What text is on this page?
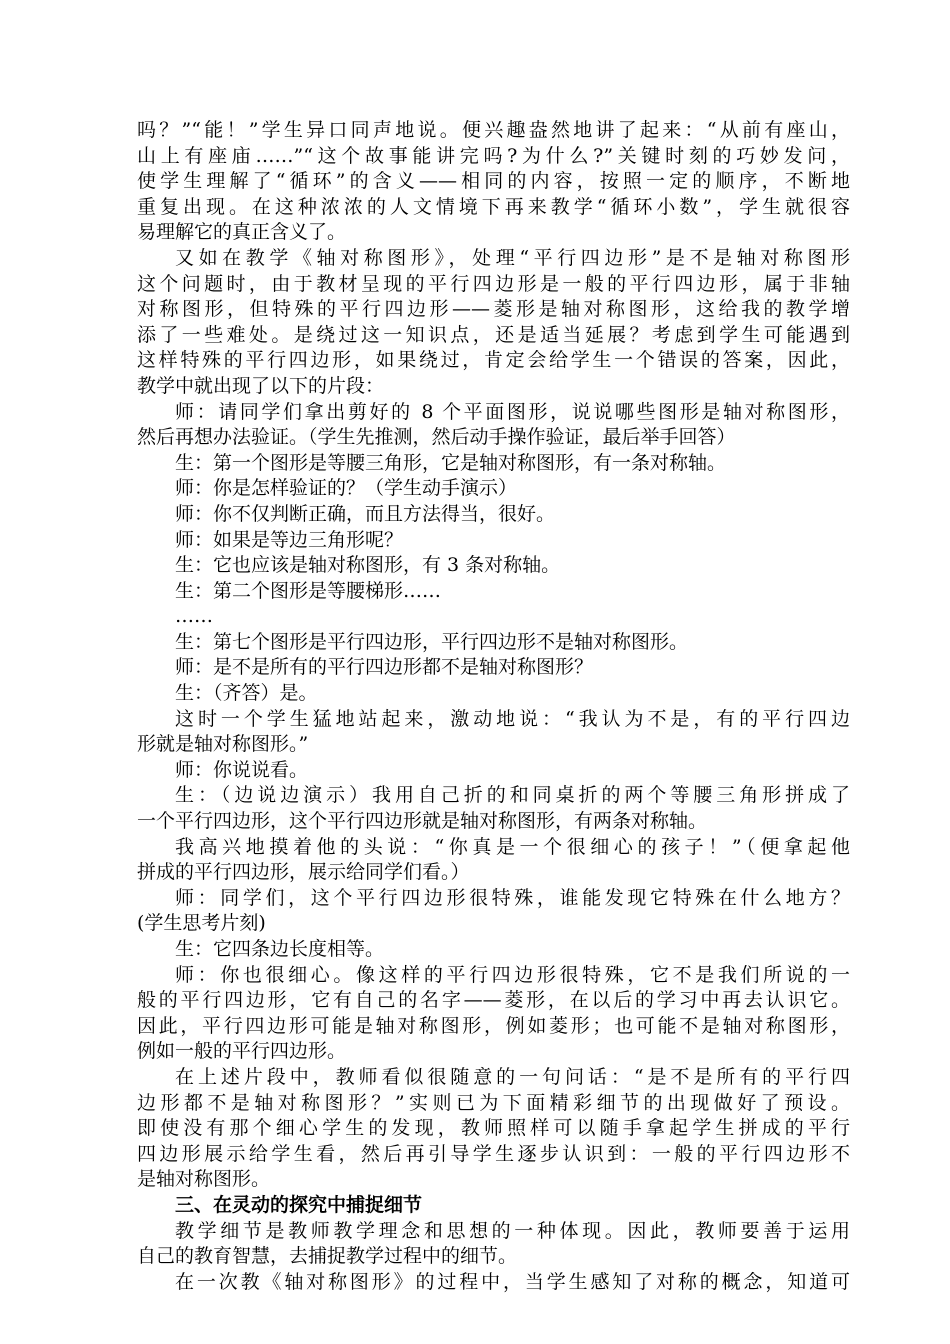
吗？”“能！”学生异口同声地说。便兴趣盎然地讲了起来：“从前有座山，
山上有座庙……”“这个故事能讲完吗?为什么?”关键时刻的巧妙发问，
使学生理解了“循环”的含义——相同的内容，按照一定的顺序，不断地
重复出现。在这种浓浓的人文情境下再来教学“循环小数”，学生就很容
易理解它的真正含义了。
又如在教学《轴对称图形》，处理“平行四边形”是不是轴对称图形
这个问题时，由于教材呈现的平行四边形是一般的平行四边形，属于非轴
对称图形，但特殊的平行四边形——菱形是轴对称图形，这给我的教学增
添了一些难处。是绕过这一知识点，还是适当延展？考虑到学生可能遇到
这样特殊的平行四边形，如果绕过，肯定会给学生一个错误的答案，因此，
教学中就出现了以下的片段：
师：请同学们拿出剪好的 8 个平面图形，说说哪些图形是轴对称图形，
然后再想办法验证。（学生先推测，然后动手操作验证，最后举手回答）
生：第一个图形是等腰三角形，它是轴对称图形，有一条对称轴。
师：你是怎样验证的？（学生动手演示）
师：你不仅判断正确，而且方法得当，很好。
师：如果是等边三角形呢？
生：它也应该是轴对称图形，有 3 条对称轴。
生：第二个图形是等腰梯形……
……
生：第七个图形是平行四边形，平行四边形不是轴对称图形。
师：是不是所有的平行四边形都不是轴对称图形？
生：（齐答）是。
这时一个学生猛地站起来，激动地说：“我认为不是，有的平行四边
形就是轴对称图形。”
师：你说说看。
生：（边说边演示）我用自己折的和同桌折的两个等腰三角形拼成了
一个平行四边形，这个平行四边形就是轴对称图形，有两条对称轴。
我高兴地摸着他的头说：“你真是一个很细心的孩子！”（便拿起他
拼成的平行四边形，展示给同学们看。）
师：同学们，这个平行四边形很特殊，谁能发现它特殊在什么地方？
(学生思考片刻)
生：它四条边长度相等。
师：你也很细心。像这样的平行四边形很特殊，它不是我们所说的一
般的平行四边形，它有自己的名字——菱形，在以后的学习中再去认识它。
因此，平行四边形可能是轴对称图形，例如菱形；也可能不是轴对称图形，
例如一般的平行四边形。
在上述片段中，教师看似很随意的一句问话：“是不是所有的平行四
边形都不是轴对称图形？”实则已为下面精彩细节的出现做好了预设。
即使没有那个细心学生的发现，教师照样可以随手拿起学生拼成的平行
四边形展示给学生看，然后再引导学生逐步认识到：一般的平行四边形不
是轴对称图形。
三、在灵动的探究中捕捉细节
教学细节是教师教学理念和思想的一种体现。因此，教师要善于运用
自己的教育智慧，去捕捉教学过程中的细节。
在一次教《轴对称图形》的过程中，当学生感知了对称的概念，知道可
